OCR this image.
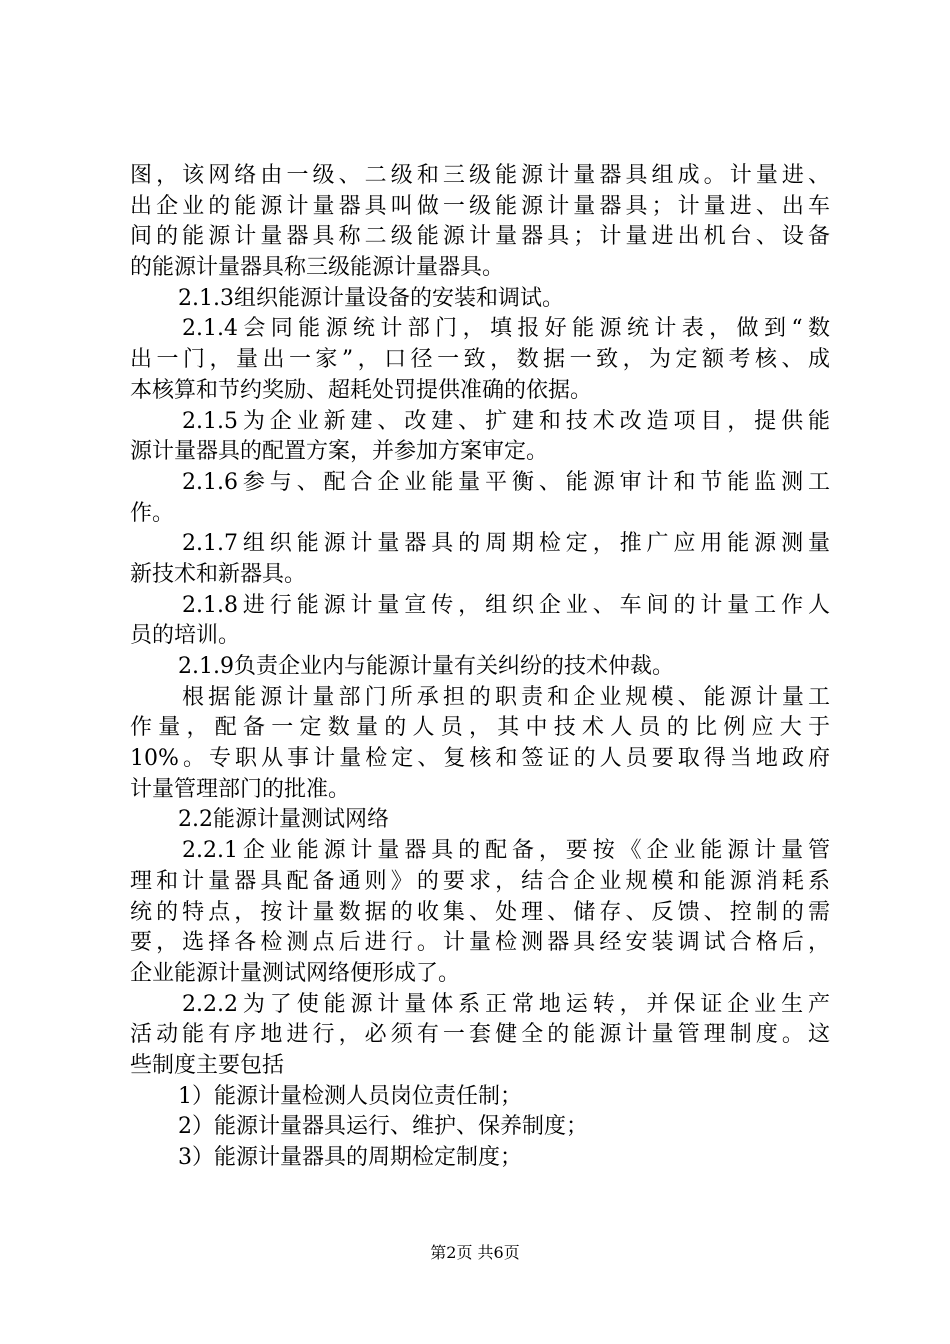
图，该网络由一级、二级和三级能源计量器具组成。计量进、
出企业的能源计量器具叫做一级能源计量器具；计量进、出车
间的能源计量器具称二级能源计量器具；计量进出机台、设备
的能源计量器具称三级能源计量器具。
2.1.3组织能源计量设备的安装和调试。
2.1.4会同能源统计部门，填报好能源统计表，做到“数
出一门，量出一家”，口径一致，数据一致，为定额考核、成
本核算和节约奖励、超耗处罚提供准确的依据。
2.1.5为企业新建、改建、扩建和技术改造项目，提供能
源计量器具的配置方案，并参加方案审定。
2.1.6参与、配合企业能量平衡、能源审计和节能监测工
作。
2.1.7组织能源计量器具的周期检定，推广应用能源测量
新技术和新器具。
2.1.8进行能源计量宣传，组织企业、车间的计量工作人
员的培训。
2.1.9负责企业内与能源计量有关纠纷的技术仲裁。
根据能源计量部门所承担的职责和企业规模、能源计量工
作量，配备一定数量的人员，其中技术人员的比例应大于
10%。专职从事计量检定、复核和签证的人员要取得当地政府
计量管理部门的批准。
2.2能源计量测试网络
2.2.1企业能源计量器具的配备，要按《企业能源计量管
理和计量器具配备通则》的要求，结合企业规模和能源消耗系
统的特点，按计量数据的收集、处理、储存、反馈、控制的需
要，选择各检测点后进行。计量检测器具经安装调试合格后，
企业能源计量测试网络便形成了。
2.2.2为了使能源计量体系正常地运转，并保证企业生产
活动能有序地进行，必须有一套健全的能源计量管理制度。这
些制度主要包括
1）能源计量检测人员岗位责任制；
2）能源计量器具运行、维护、保养制度；
3）能源计量器具的周期检定制度；
第2页 共6页
